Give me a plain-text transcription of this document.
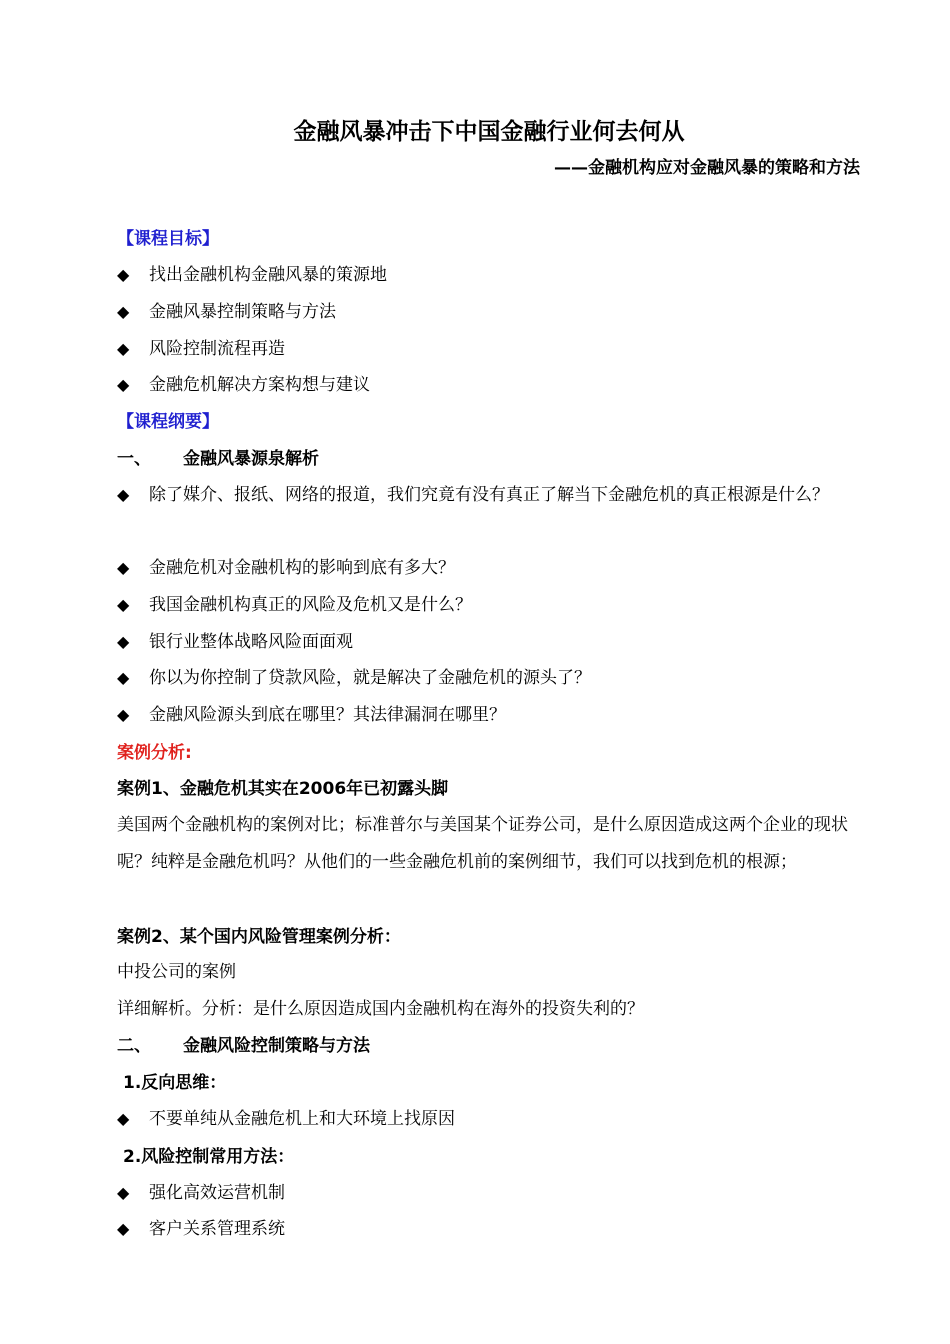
金融风暴冲击下中国金融行业何去何从
——金融机构应对金融风暴的策略和方法
【课程目标】
◆	找出金融机构金融风暴的策源地
◆	金融风暴控制策略与方法
◆	风险控制流程再造
◆	金融危机解决方案构想与建议
【课程纲要】
一、 金融风暴源泉解析
◆	除了媒介、报纸、网络的报道，我们究竟有没有真正了解当下金融危机的真正根源是什么？
◆	金融危机对金融机构的影响到底有多大？
◆	我国金融机构真正的风险及危机又是什么？
◆	银行业整体战略风险面面观
◆	你以为你控制了贷款风险，就是解决了金融危机的源头了？
◆	金融风险源头到底在哪里？其法律漏洞在哪里？
案例分析:
案例1、金融危机其实在2006年已初露头脚
美国两个金融机构的案例对比；标准普尔与美国某个证券公司，是什么原因造成这两个企业的现状呢？纯粹是金融危机吗？从他们的一些金融危机前的案例细节，我们可以找到危机的根源；
案例2、某个国内风险管理案例分析：
中投公司的案例
详细解析。分析：是什么原因造成国内金融机构在海外的投资失利的？
二、 金融风险控制策略与方法
1.反向思维：
◆	不要单纯从金融危机上和大环境上找原因
2.风险控制常用方法：
◆	强化高效运营机制
◆	客户关系管理系统
